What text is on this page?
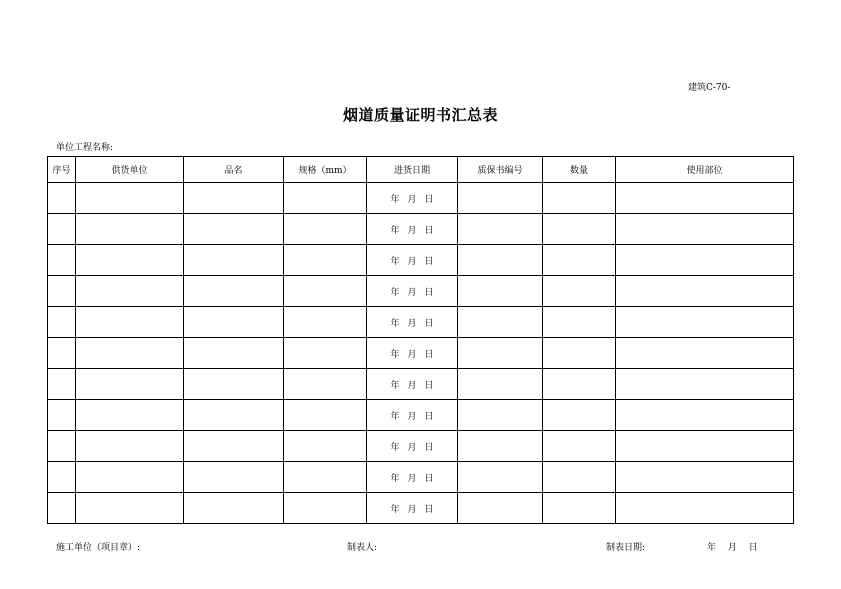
建筑C-70-
烟道质量证明书汇总表
单位工程名称:
序号	供货单位	品名	规格（mm）	进货日期	质保书编号	数量	使用部位
				年 月 日			
				年 月 日			
				年 月 日			
				年 月 日			
				年 月 日			
				年 月 日			
				年 月 日			
				年 月 日			
				年 月 日			
				年 月 日			
				年 月 日			
施工单位（项目章）:	制表人:	制表日期:	年 月 日
